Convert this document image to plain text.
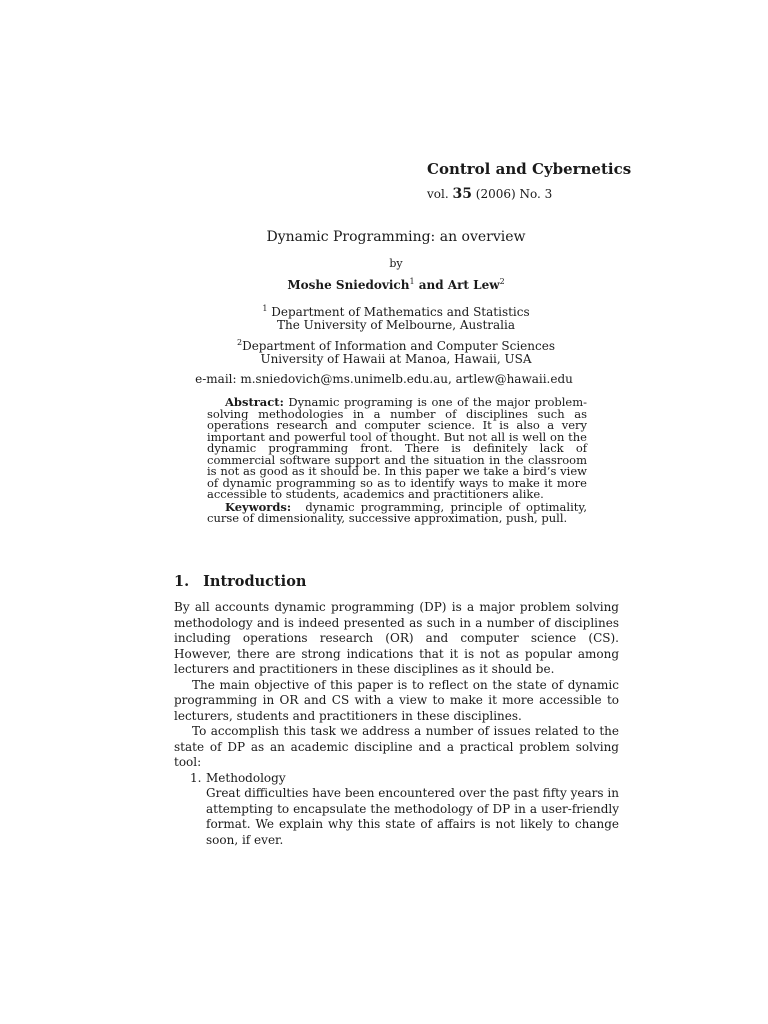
Control and Cybernetics
vol. 35 (2006) No. 3
Dynamic Programming: an overview
by
Moshe Sniedovich$^1$ and Art Lew$^2$
$^1$ Department of Mathematics and Statistics
The University of Melbourne, Australia
$^2$Department of Information and Computer Sciences
University of Hawaii at Manoa, Hawaii, USA
e-mail: m.sniedovich@ms.unimelb.edu.au, artlew@hawaii.edu

Abstract: Dynamic programing is one of the major problem-solving methodologies in a number of disciplines such as operations research and computer science. It is also a very important and powerful tool of thought. But not all is well on the dynamic programming front. There is definitely lack of commercial software support and the situation in the classroom is not as good as it should be. In this paper we take a bird’s view of dynamic programming so as to identify ways to make it more accessible to students, academics and practitioners alike.

Keywords: dynamic programming, principle of optimality, curse of dimensionality, successive approximation, push, pull.

1. Introduction

By all accounts dynamic programming (DP) is a major problem solving methodology and is indeed presented as such in a number of disciplines including operations research (OR) and computer science (CS). However, there are strong indications that it is not as popular among lecturers and practitioners in these disciplines as it should be.

The main objective of this paper is to reflect on the state of dynamic programming in OR and CS with a view to make it more accessible to lecturers, students and practitioners in these disciplines.

To accomplish this task we address a number of issues related to the state of DP as an academic discipline and a practical problem solving tool:

1. Methodology

Great difficulties have been encountered over the past fifty years in attempting to encapsulate the methodology of DP in a user-friendly format. We explain why this state of affairs is not likely to change soon, if ever.
